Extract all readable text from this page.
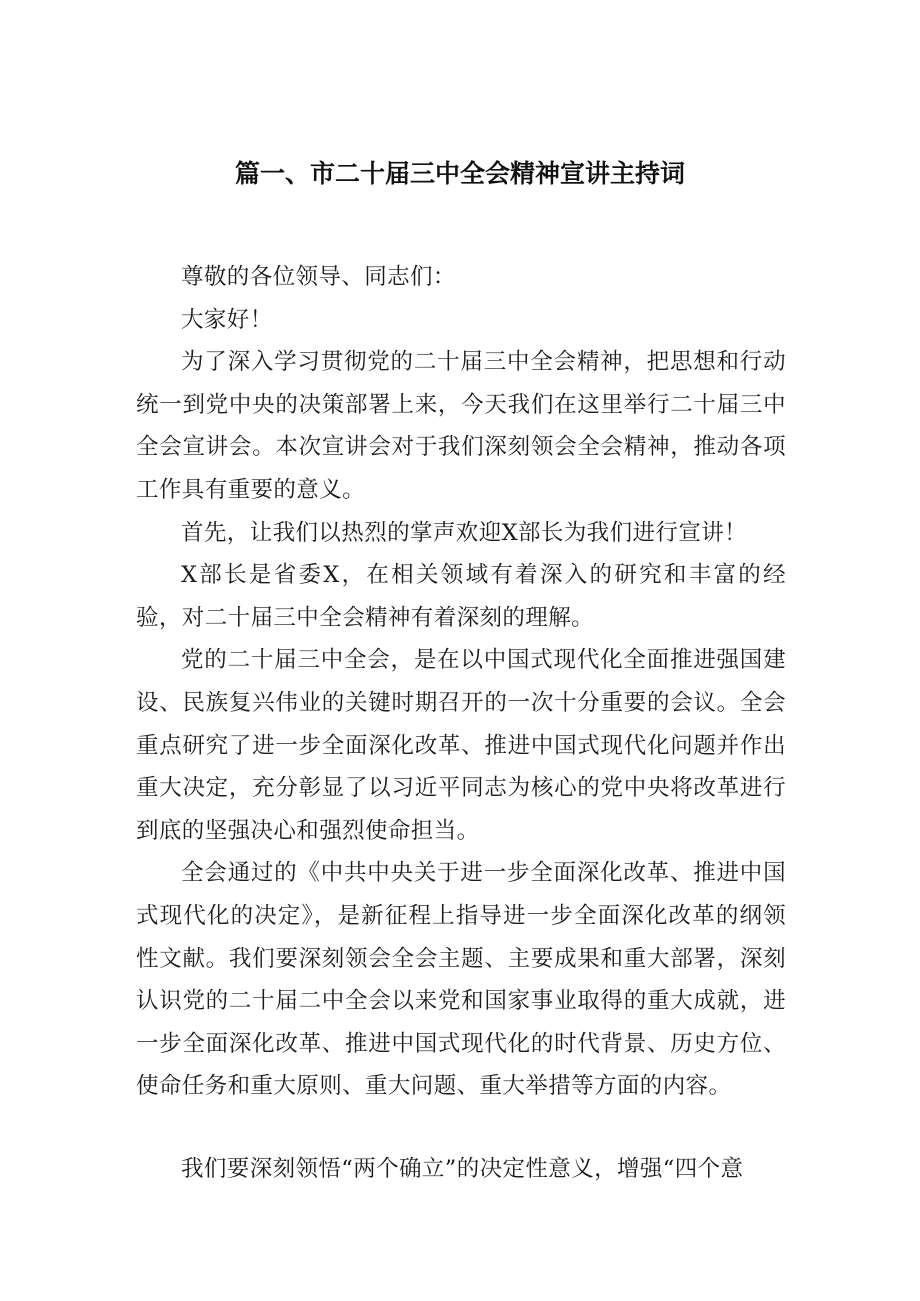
篇一、市二十届三中全会精神宣讲主持词

尊敬的各位领导、同志们：

大家好！

为了深入学习贯彻党的二十届三中全会精神，把思想和行动统一到党中央的决策部署上来，今天我们在这里举行二十届三中全会宣讲会。本次宣讲会对于我们深刻领会全会精神，推动各项工作具有重要的意义。

首先，让我们以热烈的掌声欢迎X部长为我们进行宣讲！

X部长是省委X，在相关领域有着深入的研究和丰富的经验，对二十届三中全会精神有着深刻的理解。

党的二十届三中全会，是在以中国式现代化全面推进强国建设、民族复兴伟业的关键时期召开的一次十分重要的会议。全会重点研究了进一步全面深化改革、推进中国式现代化问题并作出重大决定，充分彰显了以习近平同志为核心的党中央将改革进行到底的坚强决心和强烈使命担当。

全会通过的《中共中央关于进一步全面深化改革、推进中国式现代化的决定》，是新征程上指导进一步全面深化改革的纲领性文献。我们要深刻领会全会主题、主要成果和重大部署，深刻认识党的二十届二中全会以来党和国家事业取得的重大成就，进一步全面深化改革、推进中国式现代化的时代背景、历史方位、使命任务和重大原则、重大问题、重大举措等方面的内容。

我们要深刻领悟“两个确立”的决定性意义，增强“四个意
